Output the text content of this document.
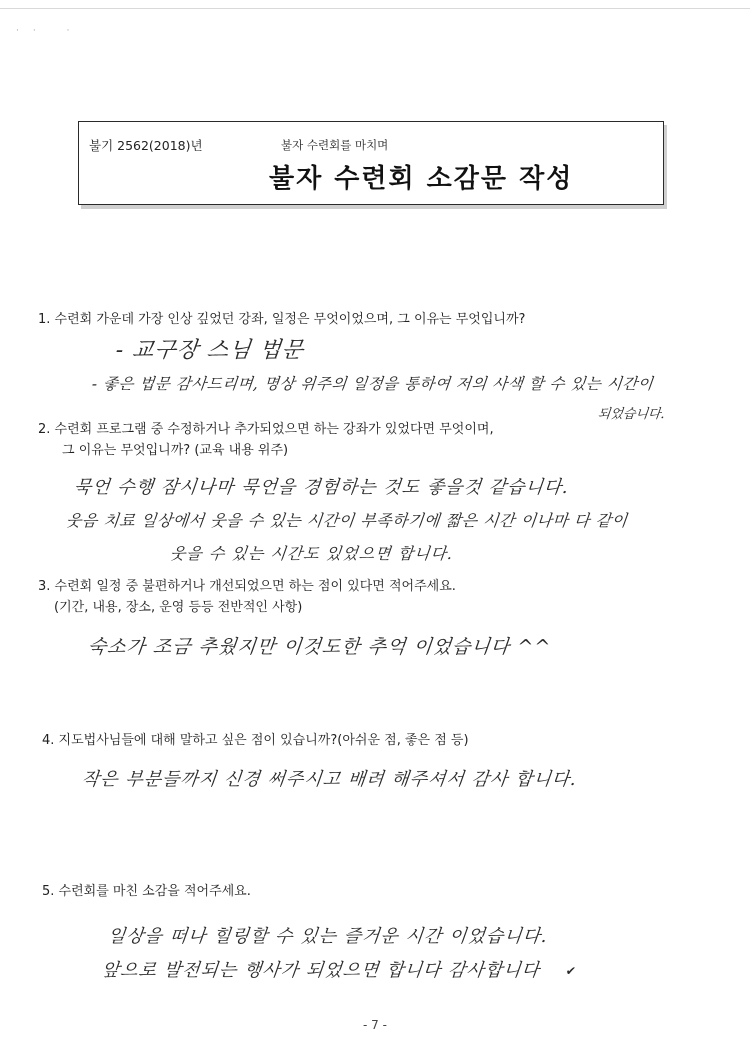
·· ·
불기 2562(2018)년	불자 수련회를 마치며
불자 수련회 소감문 작성
1. 수련회 가운데 가장 인상 깊었던 강좌, 일정은 무엇이었으며, 그 이유는 무엇입니까?
- 교구장 스님 법문
- 좋은 법문 감사드리며, 명상 위주의 일정을 통하여 저의 사색 할 수 있는 시간이
되었습니다.
2. 수련회 프로그램 중 수정하거나 추가되었으면 하는 강좌가 있었다면 무엇이며,
그 이유는 무엇입니까? (교육 내용 위주)
묵언 수행 잠시나마 묵언을 경험하는 것도 좋을것 같습니다.
웃음 치료 일상에서 웃을 수 있는 시간이 부족하기에 짧은 시간 이나마 다 같이
웃을 수 있는 시간도 있었으면 합니다.
3. 수련회 일정 중 불편하거나 개선되었으면 하는 점이 있다면 적어주세요.
(기간, 내용, 장소, 운영 등등 전반적인 사항)
숙소가 조금 추웠지만 이것도한 추억 이었습니다 ^^
4. 지도법사님들에 대해 말하고 싶은 점이 있습니까?(아쉬운 점, 좋은 점 등)
작은 부분들까지 신경 써주시고 배려 해주셔서 감사 합니다.
5. 수련회를 마친 소감을 적어주세요.
일상을 떠나 힐링할 수 있는 즐거운 시간 이었습니다.
앞으로 발전되는 행사가 되었으면 합니다 감사합니다 ✔
- 7 -
